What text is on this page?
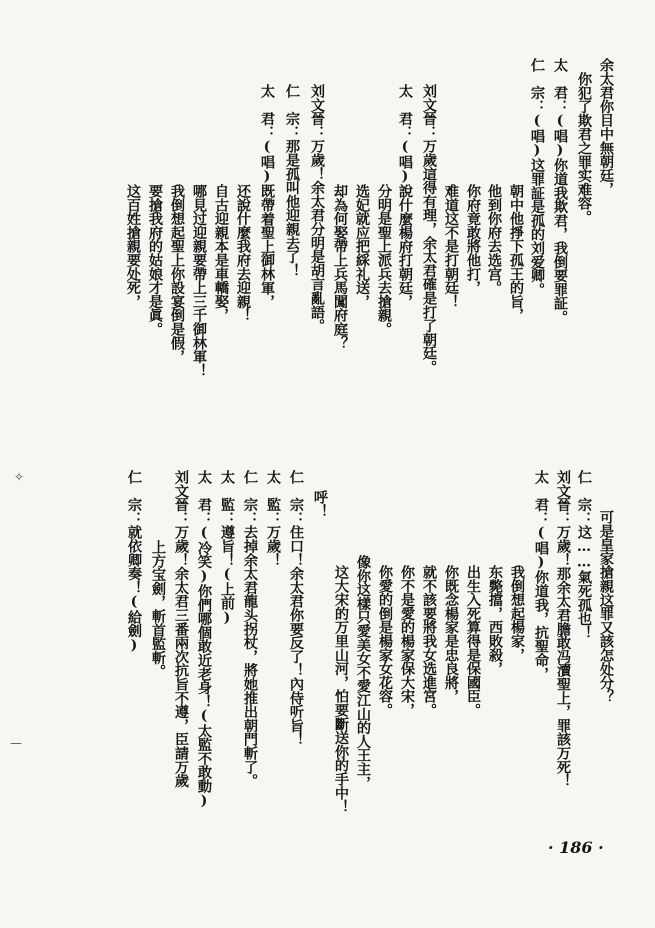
余太君你目中無朝廷，
你犯了欺君之罪实难容。
太　君：(唱)你道我欺君，我倒要罪証。
仁　宗：(唱)这罪証是孤的刘爱卿。
朝中他掙下孤王的旨，
他到你府去选宫。
你府竟敢將他打，
难道这不是打朝廷！
刘文晉：万歲這得有理，余太君確是打了朝廷。
太　君：(唱)說什麼楊府打朝廷，
分明是聖上派兵去搶親。
选妃就应把綵礼送，
却為何娶帶上兵馬闖府庭？
刘文晉：万歲！余太君分明是胡言亂語。
仁　宗：那是孤叫他迎親去了！
太　君：(唱)既帶着聖上御林軍，
还說什麼我府去迎親！
自古迎親本是車轎娶，
哪見过迎親要帶上三千御林軍！
我倒想起聖上你設宴倒是假，
要搶我府的姑娘才是眞。
这百姓搶親要处死，
可是皇家搶親这罪又該怎处分？
仁　宗：这……氣死孤也！
刘文晉：万歲！那余太君膽敢冯瀆聖上，罪該万死！
太　君：(唱)你道我，抗聖命，
我倒想起楊家，
东斃擋，西敗殺，
出生入死算得是保國臣。
你既念楊家是忠良將，
就不該要將我女选進宮。
你不是愛的楊家保大宋，
你愛的倒是楊家女花容。
像你这樣只愛美女不愛江山的人王主，
这大宋的万里山河，怕要斷送你的手中！
呼！
仁　宗：住口！余太君你要反了！內侍听旨！
太　監：万歲！
仁　宗：去掉余太君龍头拐杖，將她推出朝門斬了。
太　監：遵旨！(上前)
太　君：(冷笑)你們哪個敢近老身！(太監不敢動)
刘文晉：万歲！余太君三番兩次抗旨不遵，臣請万歲
上方宝劍，斬首監斬。
仁　宗：就依卿奏！(給劍)
· 186 ·
✧
—
